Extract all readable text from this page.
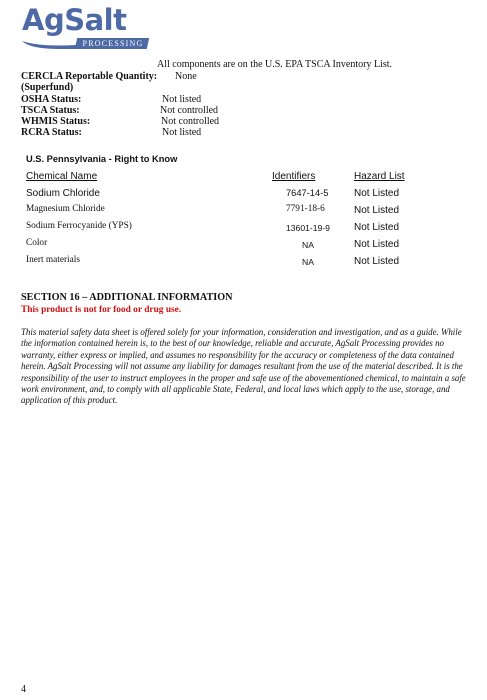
AgSalt
PROCESSING
All components are on the U.S. EPA TSCA Inventory List.
CERCLA Reportable Quantity: None
(Superfund)
OSHA Status:	Not listed
TSCA Status:	Not controlled
WHMIS Status:	Not controlled
RCRA Status:	Not listed
U.S. Pennsylvania - Right to Know
Chemical Name	Identifiers	Hazard List
Sodium Chloride	7647-14-5	Not Listed
Magnesium Chloride	7791-18-6	Not Listed
Sodium Ferrocyanide (YPS)	13601-19-9 Not Listed
Color	NA	Not Listed
Inert materials	NA	Not Listed
SECTION 16 – ADDITIONAL INFORMATION
This product is not for food or drug use.
This material safety data sheet is offered solely for your information, consideration and investigation, and as a guide. While the information contained herein is, to the best of our knowledge, reliable and accurate, AgSalt Processing provides no warranty, either express or implied, and assumes no responsibility for the accuracy or completeness of the data contained herein. AgSalt Processing will not assume any liability for damages resultant from the use of the material described. It is the responsibility of the user to instruct employees in the proper and safe use of the abovementioned chemical, to maintain a safe work environment, and, to comply with all applicable State, Federal, and local laws which apply to the use, storage, and application of this product.
4
